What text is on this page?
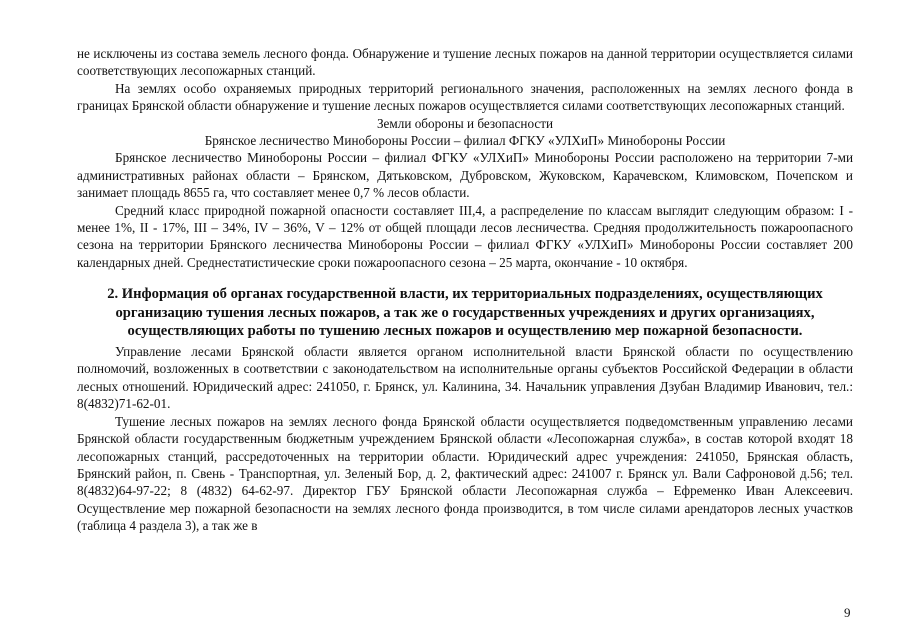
не исключены из состава земель лесного фонда. Обнаружение и тушение лесных пожаров на данной территории осуществляется силами соответствующих лесопожарных станций.

На землях особо охраняемых природных территорий регионального значения, расположенных на землях лесного фонда в границах Брянской области обнаружение и тушение лесных пожаров осуществляется силами соответствующих лесопожарных станций.

Земли обороны и безопасности

Брянское лесничество Минобороны России – филиал ФГКУ «УЛХиП» Минобороны России

Брянское лесничество Минобороны России – филиал ФГКУ «УЛХиП» Минобороны России расположено на территории 7-ми административных районах области – Брянском, Дятьковском, Дубровском, Жуковском, Карачевском, Климовском, Почепском и занимает площадь 8655 га, что составляет менее 0,7 % лесов области.

Средний класс природной пожарной опасности составляет III,4, а распределение по классам выглядит следующим образом: I - менее 1%, II - 17%, III – 34%, IV – 36%, V – 12% от общей площади лесов лесничества. Средняя продолжительность пожароопасного сезона на территории Брянского лесничества Минобороны России – филиал ФГКУ «УЛХиП» Минобороны России составляет 200 календарных дней. Среднестатистические сроки пожароопасного сезона – 25 марта, окончание - 10 октября.

2. Информация об органах государственной власти, их территориальных подразделениях, осуществляющих организацию тушения лесных пожаров, а так же о государственных учреждениях и других организациях, осуществляющих работы по тушению лесных пожаров и осуществлению мер пожарной безопасности.

Управление лесами Брянской области является органом исполнительной власти Брянской области по осуществлению полномочий, возложенных в соответствии с законодательством на исполнительные органы субъектов Российской Федерации в области лесных отношений. Юридический адрес: 241050, г. Брянск, ул. Калинина, 34. Начальник управления Дзубан Владимир Иванович, тел.: 8(4832)71-62-01.

Тушение лесных пожаров на землях лесного фонда Брянской области осуществляется подведомственным управлению лесами Брянской области государственным бюджетным учреждением Брянской области «Лесопожарная служба», в состав которой входят 18 лесопожарных станций, рассредоточенных на территории области. Юридический адрес учреждения: 241050, Брянская область, Брянский район, п. Свень - Транспортная, ул. Зеленый Бор, д. 2, фактический адрес: 241007 г. Брянск ул. Вали Сафроновой д.56; тел. 8(4832)64-97-22; 8 (4832) 64-62-97. Директор ГБУ Брянской области Лесопожарная служба – Ефременко Иван Алексеевич. Осуществление мер пожарной безопасности на землях лесного фонда производится, в том числе силами арендаторов лесных участков (таблица 4 раздела 3), а так же в

9
